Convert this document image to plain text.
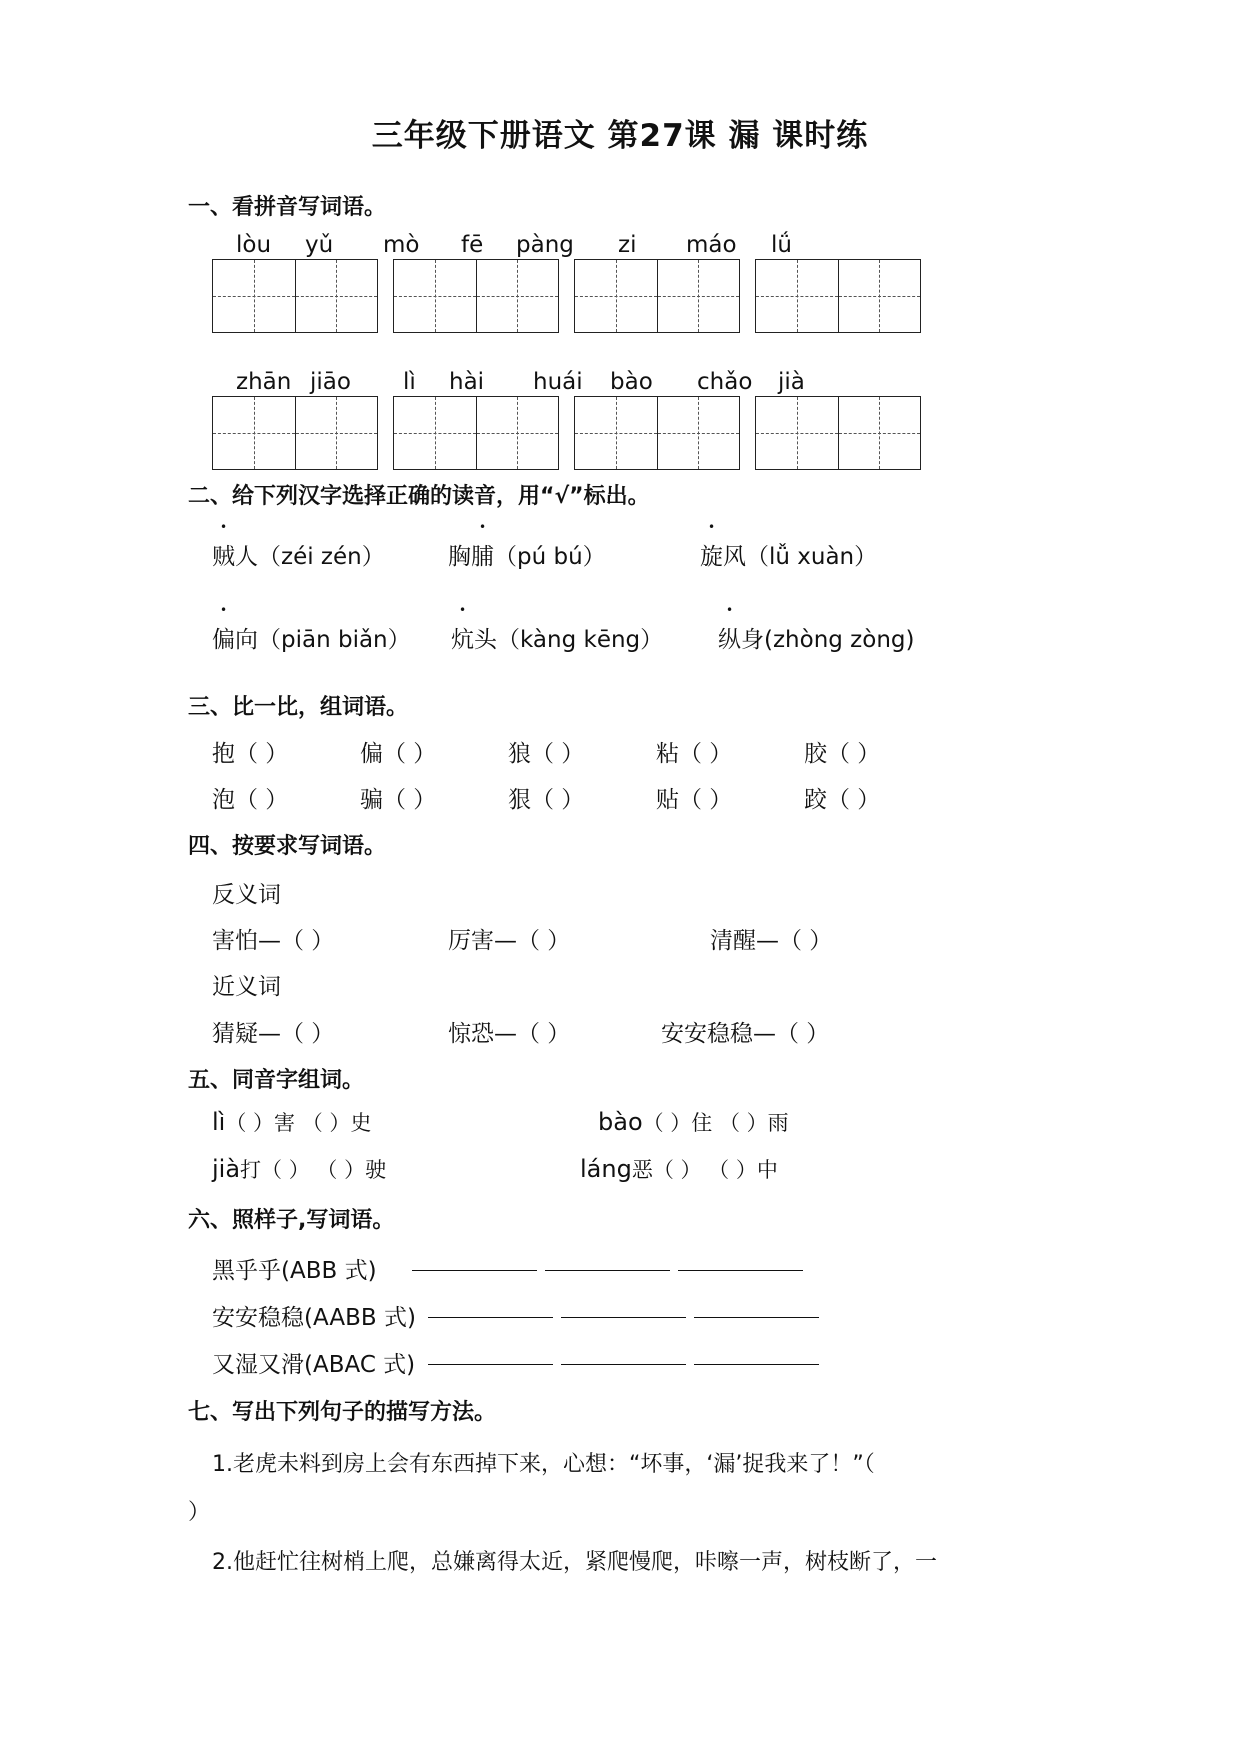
三年级下册语文 第27课 漏 课时练
一、看拼音写词语。
lòu yǔ mò fē pàng zi máo lǘ
zhān jiāo lì hài huái bào chǎo jià
二、给下列汉字选择正确的读音，用“√”标出。
贼人（zéi zén）	胸脯（pú bú）	旋风（lǚ xuàn）
偏向（piān biǎn） 炕头（kàng kēng） 纵身(zhòng zòng)
三、比一比，组词语。
抱（ ）	偏（ ）	狼（ ）	粘（ ）	胶（ ）
泡（ ）	骗（ ）	狠（ ）	贴（ ）	跤（ ）
四、按要求写词语。
反义词
害怕—（ ）	厉害—（ ）	清醒—（ ）
近义词
猜疑—（ ）	惊恐—（ ）	安安稳稳—（ ）
五、同音字组词。
lì（ ）害 （ ）史	bào（ ）住 （ ）雨
jià打（ ） （ ）驶	láng恶（ ） （ ）中
六、照样子,写词语。
黑乎乎(ABB 式)
安安稳稳(AABB 式)
又湿又滑(ABAC 式)
七、写出下列句子的描写方法。
1.老虎未料到房上会有东西掉下来，心想：“坏事，‘漏’捉我来了！”（
）
2.他赶忙往树梢上爬，总嫌离得太近，紧爬慢爬，咔嚓一声，树枝断了，一
